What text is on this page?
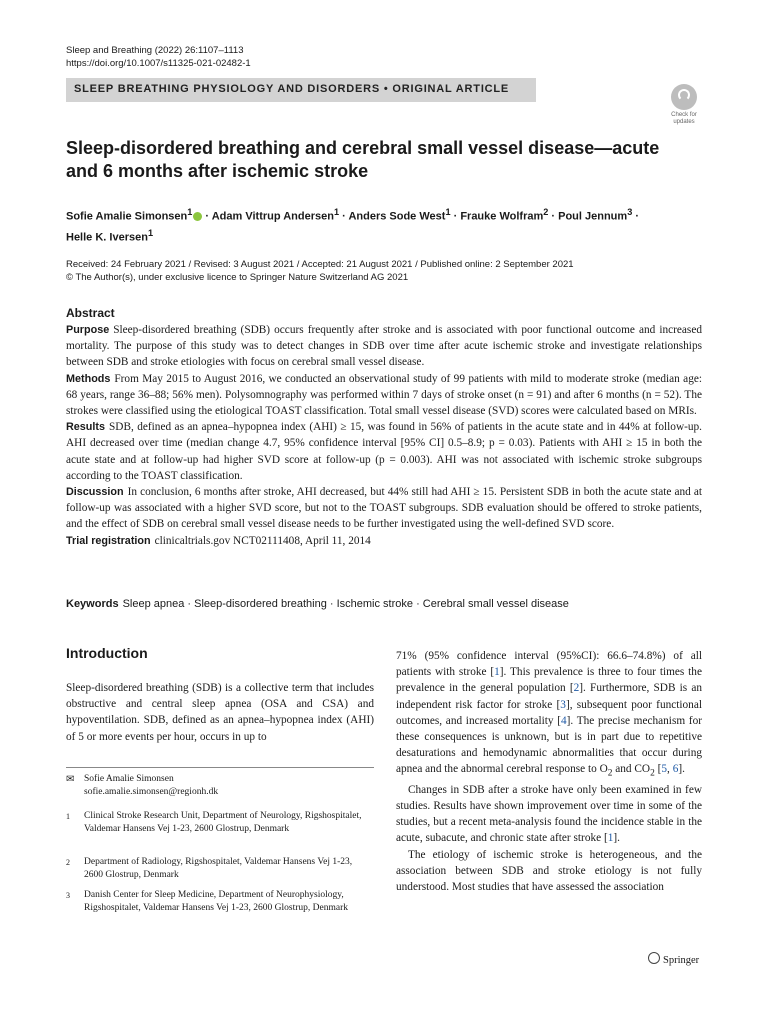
Sleep and Breathing (2022) 26:1107–1113
https://doi.org/10.1007/s11325-021-02482-1
SLEEP BREATHING PHYSIOLOGY AND DISORDERS • ORIGINAL ARTICLE
Check for updates
Sleep-disordered breathing and cerebral small vessel disease—acute and 6 months after ischemic stroke
Sofie Amalie Simonsen$^1$ · Adam Vittrup Andersen$^1$ · Anders Sode West$^1$ · Frauke Wolfram$^2$ · Poul Jennum$^3$ ·
Helle K. Iversen$^1$
Received: 24 February 2021 / Revised: 3 August 2021 / Accepted: 21 August 2021 / Published online: 2 September 2021
© The Author(s), under exclusive licence to Springer Nature Switzerland AG 2021
Abstract

Purpose Sleep-disordered breathing (SDB) occurs frequently after stroke and is associated with poor functional outcome and increased mortality. The purpose of this study was to detect changes in SDB over time after acute ischemic stroke and investigate relationships between SDB and stroke etiologies with focus on cerebral small vessel disease.

Methods From May 2015 to August 2016, we conducted an observational study of 99 patients with mild to moderate stroke (median age: 68 years, range 36–88; 56% men). Polysomnography was performed within 7 days of stroke onset (n = 91) and after 6 months (n = 52). The strokes were classified using the etiological TOAST classification. Total small vessel disease (SVD) scores were calculated based on MRIs.

Results SDB, defined as an apnea–hypopnea index (AHI) ≥ 15, was found in 56% of patients in the acute state and in 44% at follow-up. AHI decreased over time (median change 4.7, 95% confidence interval [95% CI] 0.5–8.9; p = 0.03). Patients with AHI ≥ 15 in both the acute state and at follow-up had higher SVD score at follow-up (p = 0.003). AHI was not associated with ischemic stroke subgroups according to the TOAST classification.

Discussion In conclusion, 6 months after stroke, AHI decreased, but 44% still had AHI ≥ 15. Persistent SDB in both the acute state and at follow-up was associated with a higher SVD score, but not to the TOAST subgroups. SDB evaluation should be offered to stroke patients, and the effect of SDB on cerebral small vessel disease needs to be further investigated using the well-defined SVD score.

Trial registration clinicaltrials.gov NCT02111408, April 11, 2014

Keywords Sleep apnea · Sleep-disordered breathing · Ischemic stroke · Cerebral small vessel disease
Introduction

Sleep-disordered breathing (SDB) is a collective term that includes obstructive and central sleep apnea (OSA and CSA) and hypoventilation. SDB, defined as an apnea–hypopnea index (AHI) of 5 or more events per hour, occurs in up to

✉ Sofie Amalie Simonsen
sofie.amalie.simonsen@regionh.dk
1 Clinical Stroke Research Unit, Department of Neurology, Rigshospitalet, Valdemar Hansens Vej 1-23, 2600 Glostrup, Denmark
2 Department of Radiology, Rigshospitalet, Valdemar Hansens Vej 1-23, 2600 Glostrup, Denmark
3 Danish Center for Sleep Medicine, Department of Neurophysiology, Rigshospitalet, Valdemar Hansens Vej 1-23, 2600 Glostrup, Denmark

71% (95% confidence interval (95%CI): 66.6–74.8%) of all patients with stroke [1]. This prevalence is three to four times the prevalence in the general population [2]. Furthermore, SDB is an independent risk factor for stroke [3], subsequent poor functional outcomes, and increased mortality [4]. The precise mechanism for these consequences is unknown, but is in part due to repetitive desaturations and hemodynamic abnormalities that occur during apnea and the abnormal cerebral response to $O_2$ and $CO_2$ [5, 6].

Changes in SDB after a stroke have only been examined in few studies. Results have shown improvement over time in some of the studies, but a recent meta-analysis found the incidence stable in the acute, subacute, and chronic state after stroke [1].

The etiology of ischemic stroke is heterogeneous, and the association between SDB and stroke etiology is not fully understood. Most studies that have assessed the association

Springer
